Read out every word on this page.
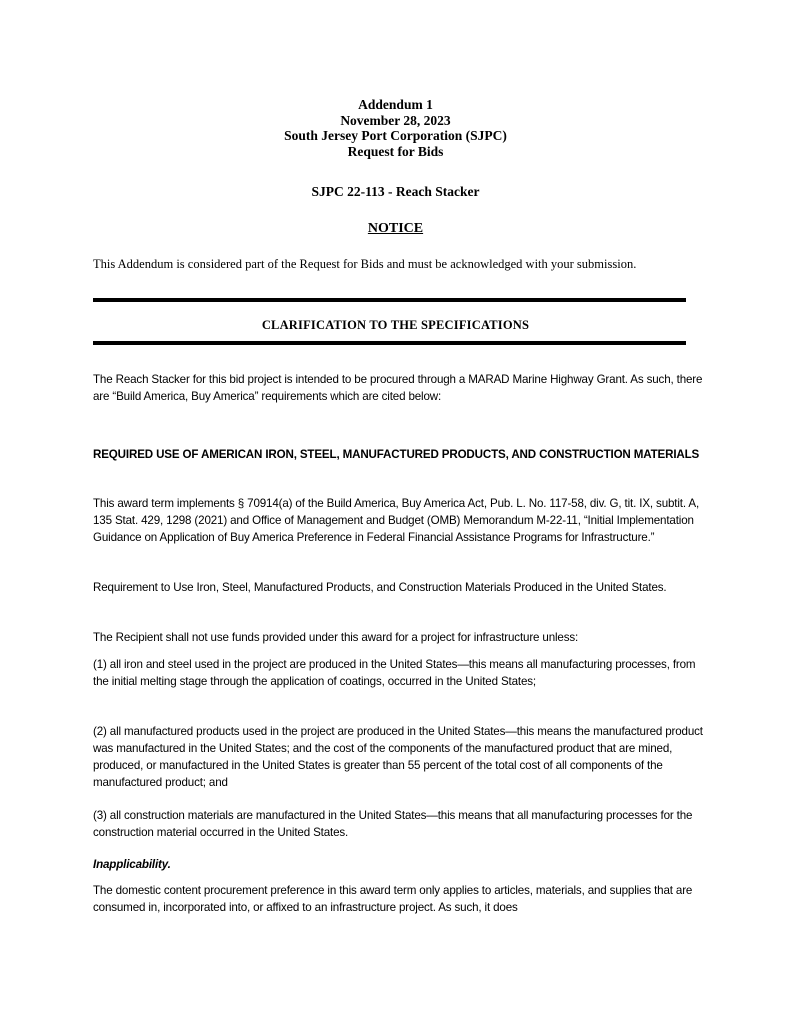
Addendum 1
November 28, 2023
South Jersey Port Corporation (SJPC)
Request for Bids
SJPC 22-113 - Reach Stacker
NOTICE
This Addendum is considered part of the Request for Bids and must be acknowledged with your submission.
CLARIFICATION TO THE SPECIFICATIONS

The Reach Stacker for this bid project is intended to be procured through a MARAD Marine Highway Grant. As such, there are “Build America, Buy America” requirements which are cited below:

REQUIRED USE OF AMERICAN IRON, STEEL, MANUFACTURED PRODUCTS, AND CONSTRUCTION MATERIALS

This award term implements § 70914(a) of the Build America, Buy America Act, Pub. L. No. 117-58, div. G, tit. IX, subtit. A, 135 Stat. 429, 1298 (2021) and Office of Management and Budget (OMB) Memorandum M-22-11, “Initial Implementation Guidance on Application of Buy America Preference in Federal Financial Assistance Programs for Infrastructure.”

Requirement to Use Iron, Steel, Manufactured Products, and Construction Materials Produced in the United States.

The Recipient shall not use funds provided under this award for a project for infrastructure unless:

(1) all iron and steel used in the project are produced in the United States—this means all manufacturing processes, from the initial melting stage through the application of coatings, occurred in the United States;

(2) all manufactured products used in the project are produced in the United States—this means the manufactured product was manufactured in the United States; and the cost of the components of the manufactured product that are mined, produced, or manufactured in the United States is greater than 55 percent of the total cost of all components of the manufactured product; and

(3) all construction materials are manufactured in the United States—this means that all manufacturing processes for the construction material occurred in the United States.

Inapplicability.

The domestic content procurement preference in this award term only applies to articles, materials, and supplies that are consumed in, incorporated into, or affixed to an infrastructure project. As such, it does
